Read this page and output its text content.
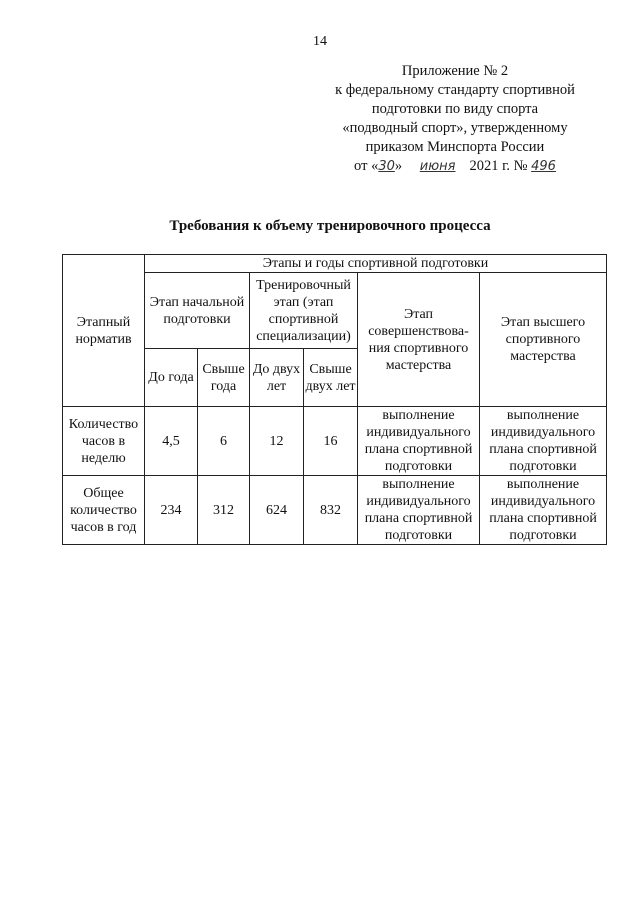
14
Приложение № 2
к федеральному стандарту спортивной
подготовки по виду спорта
«подводный спорт», утвержденному
приказом Минспорта России
от «30» июня 2021 г. № 496
Требования к объему тренировочного процесса
Этапный норматив	Этапы и годы спортивной подготовки					
	Этап начальной подготовки		Тренировочный этап (этап спортивной специализации)		Этап совершенствова-ния спортивного мастерства	Этап высшего спортивного мастерства
	До года	Свыше года	До двух лет	Свыше двух лет		
Количество часов в неделю	4,5	6	12	16	выполнение индивидуального плана спортивной подготовки	выполнение индивидуального плана спортивной подготовки
Общее количество часов в год	234	312	624	832	выполнение индивидуального плана спортивной подготовки	выполнение индивидуального плана спортивной подготовки
